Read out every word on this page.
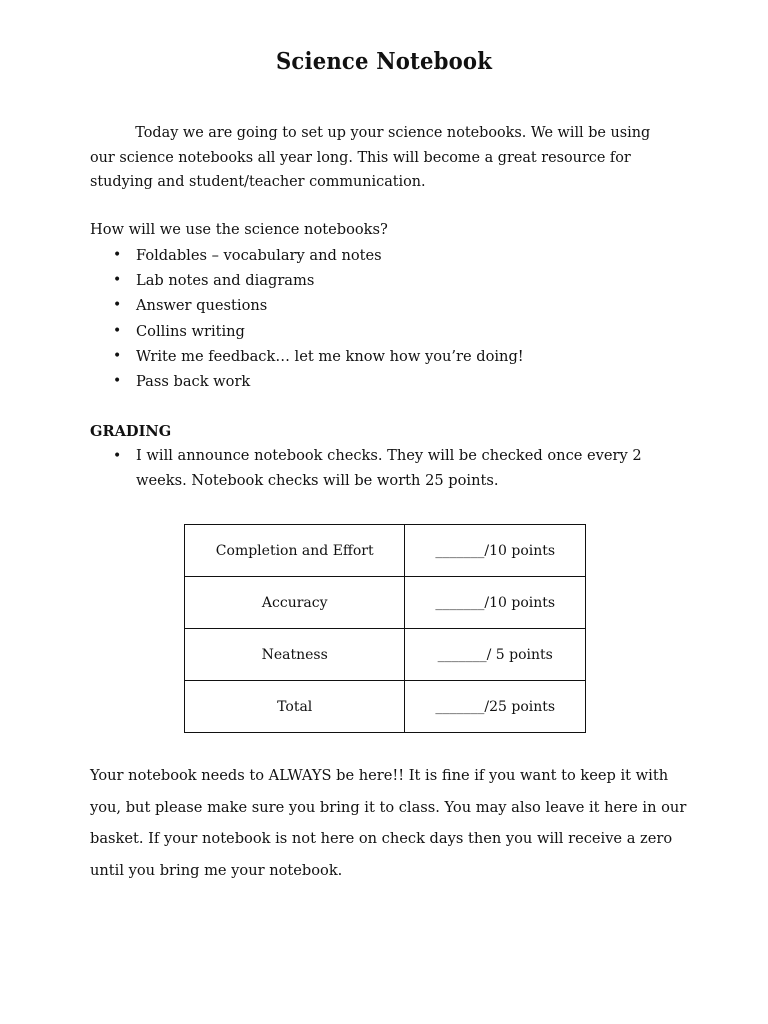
Science Notebook

Today we are going to set up your science notebooks. We will be using our science notebooks all year long. This will become a great resource for studying and student/teacher communication.

How will we use the science notebooks?

• Foldables – vocabulary and notes
• Lab notes and diagrams
• Answer questions
• Collins writing
• Write me feedback… let me know how you’re doing!
• Pass back work

GRADING

• I will announce notebook checks. They will be checked once every 2 weeks. Notebook checks will be worth 25 points.
Completion and Effort	_______/10 points
Accuracy	_______/10 points
Neatness	_______/ 5 points
Total	_______/25 points

Your notebook needs to ALWAYS be here!! It is fine if you want to keep it with you, but please make sure you bring it to class. You may also leave it here in our basket. If your notebook is not here on check days then you will receive a zero until you bring me your notebook.
